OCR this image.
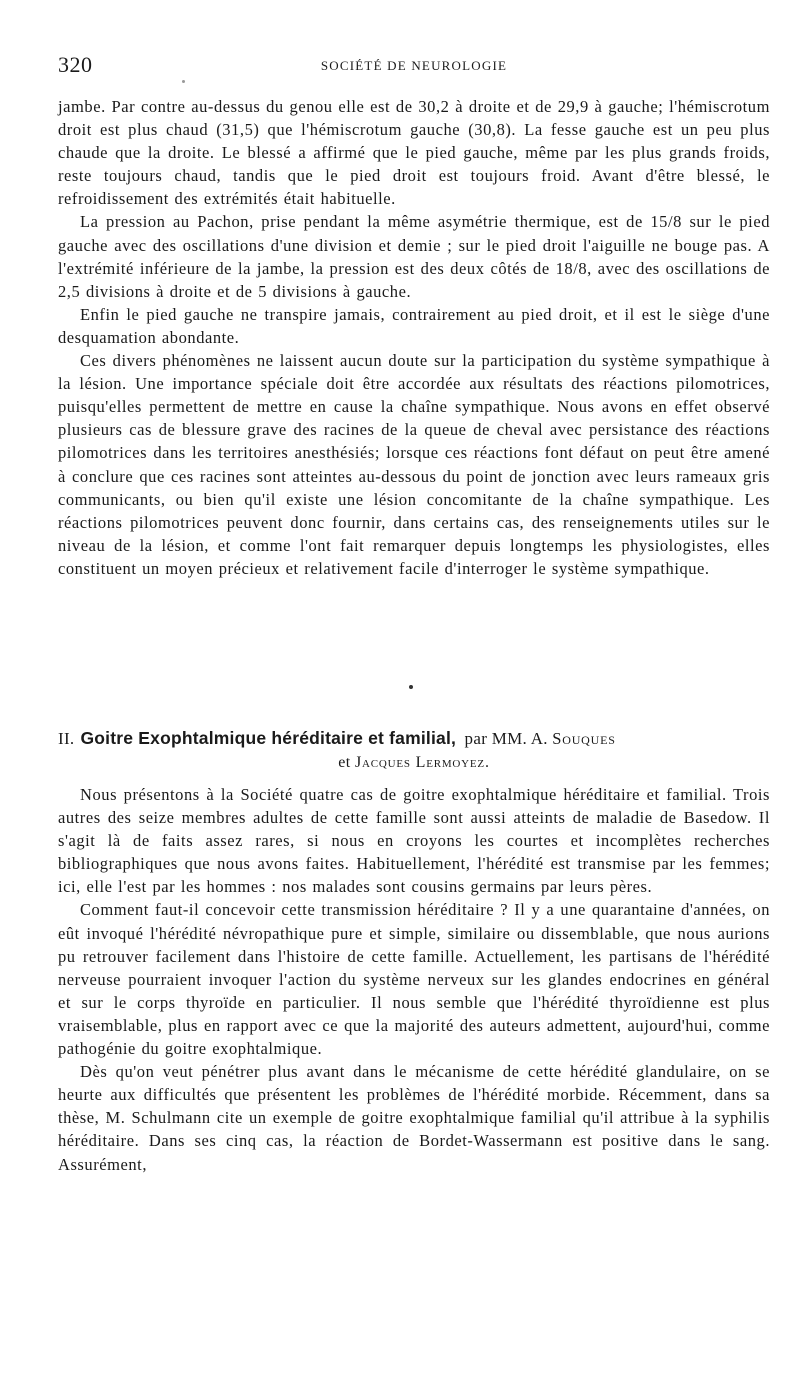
320	SOCIÉTÉ DE NEUROLOGIE

jambe. Par contre au-dessus du genou elle est de 30,2 à droite et de 29,9 à gauche; l'hémiscrotum droit est plus chaud (31,5) que l'hémiscrotum gauche (30,8). La fesse gauche est un peu plus chaude que la droite. Le blessé a affirmé que le pied gauche, même par les plus grands froids, reste toujours chaud, tandis que le pied droit est toujours froid. Avant d'être blessé, le refroidissement des extrémités était habituelle.

La pression au Pachon, prise pendant la même asymétrie thermique, est de 15/8 sur le pied gauche avec des oscillations d'une division et demie ; sur le pied droit l'aiguille ne bouge pas. A l'extrémité inférieure de la jambe, la pression est des deux côtés de 18/8, avec des oscillations de 2,5 divisions à droite et de 5 divisions à gauche.

Enfin le pied gauche ne transpire jamais, contrairement au pied droit, et il est le siège d'une desquamation abondante.

Ces divers phénomènes ne laissent aucun doute sur la participation du système sympathique à la lésion. Une importance spéciale doit être accordée aux résultats des réactions pilomotrices, puisqu'elles permettent de mettre en cause la chaîne sympathique. Nous avons en effet observé plusieurs cas de blessure grave des racines de la queue de cheval avec persistance des réactions pilomotrices dans les territoires anesthésiés; lorsque ces réactions font défaut on peut être amené à conclure que ces racines sont atteintes au-dessous du point de jonction avec leurs rameaux gris communicants, ou bien qu'il existe une lésion concomitante de la chaîne sympathique. Les réactions pilomotrices peuvent donc fournir, dans certains cas, des renseignements utiles sur le niveau de la lésion, et comme l'ont fait remarquer depuis longtemps les physiologistes, elles constituent un moyen précieux et relativement facile d'interroger le système sympathique.

II. Goitre Exophtalmique héréditaire et familial, par MM. A. Souques
et Jacques Lermoyez.

Nous présentons à la Société quatre cas de goitre exophtalmique héréditaire et familial. Trois autres des seize membres adultes de cette famille sont aussi atteints de maladie de Basedow. Il s'agit là de faits assez rares, si nous en croyons les courtes et incomplètes recherches bibliographiques que nous avons faites. Habituellement, l'hérédité est transmise par les femmes; ici, elle l'est par les hommes : nos malades sont cousins germains par leurs pères.

Comment faut-il concevoir cette transmission héréditaire ? Il y a une quarantaine d'années, on eût invoqué l'hérédité névropathique pure et simple, similaire ou dissemblable, que nous aurions pu retrouver facilement dans l'histoire de cette famille. Actuellement, les partisans de l'hérédité nerveuse pourraient invoquer l'action du système nerveux sur les glandes endocrines en général et sur le corps thyroïde en particulier. Il nous semble que l'hérédité thyroïdienne est plus vraisemblable, plus en rapport avec ce que la majorité des auteurs admettent, aujourd'hui, comme pathogénie du goitre exophtalmique.

Dès qu'on veut pénétrer plus avant dans le mécanisme de cette hérédité glandulaire, on se heurte aux difficultés que présentent les problèmes de l'hérédité morbide. Récemment, dans sa thèse, M. Schulmann cite un exemple de goitre exophtalmique familial qu'il attribue à la syphilis héréditaire. Dans ses cinq cas, la réaction de Bordet-Wassermann est positive dans le sang. Assurément,
